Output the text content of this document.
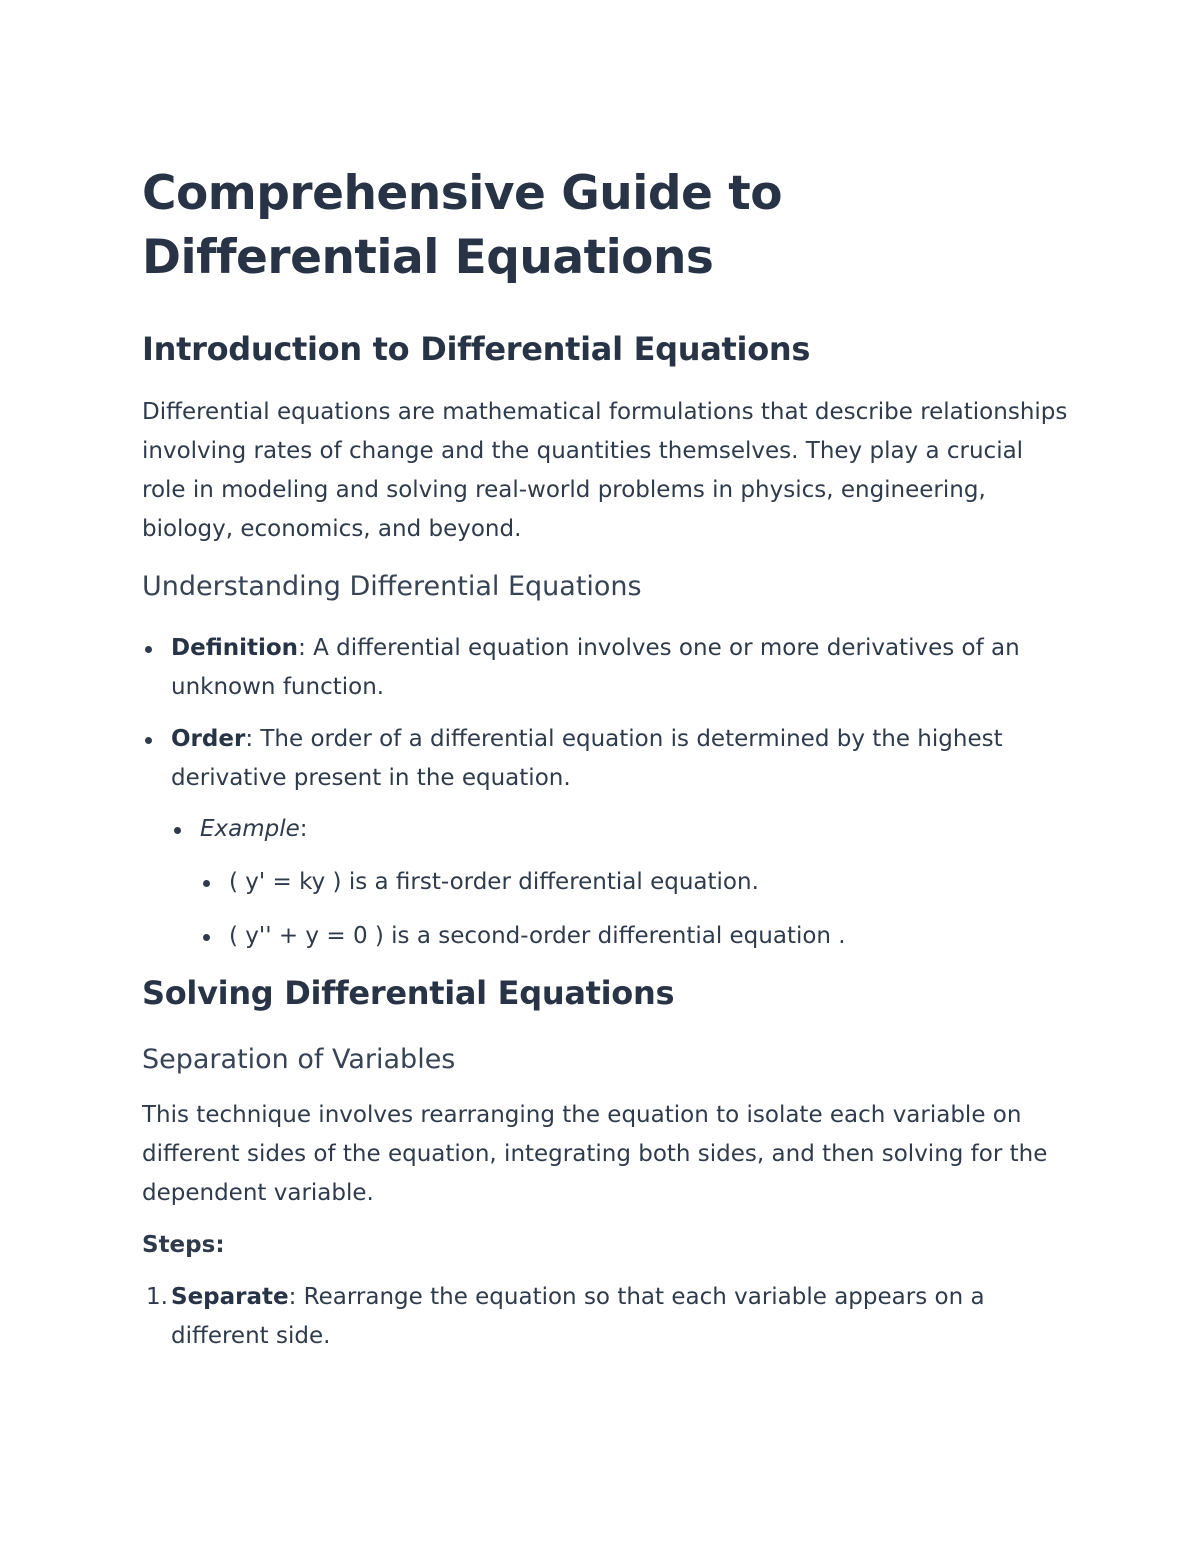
Comprehensive Guide to Differential Equations
Introduction to Differential Equations

Differential equations are mathematical formulations that describe relationships involving rates of change and the quantities themselves. They play a crucial role in modeling and solving real-world problems in physics, engineering, biology, economics, and beyond.

Understanding Differential Equations
Definition: A differential equation involves one or more derivatives of an unknown function.
Order: The order of a differential equation is determined by the highest derivative present in the equation.
Example:
( y' = ky ) is a first-order differential equation.
( y'' + y = 0 ) is a second-order differential equation .
Solving Differential Equations
Separation of Variables

This technique involves rearranging the equation to isolate each variable on different sides of the equation, integrating both sides, and then solving for the dependent variable.

Steps:

1. Separate: Rearrange the equation so that each variable appears on a different side.
